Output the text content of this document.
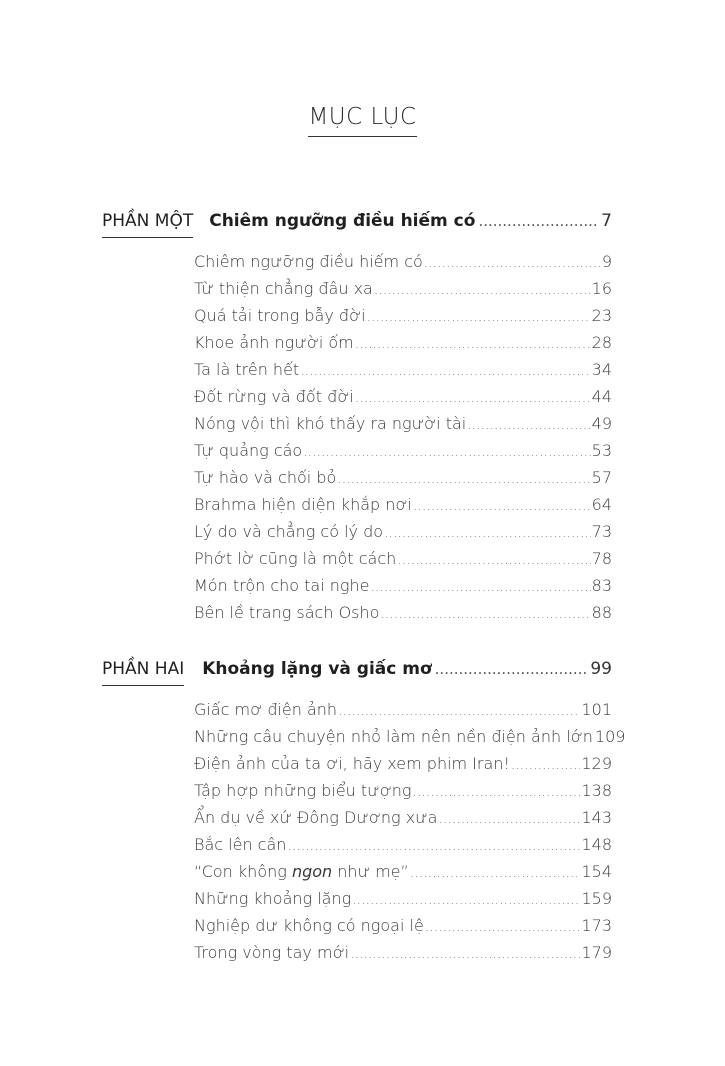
MỤC LỤC
PHẦN MỘT Chiêm ngưỡng điều hiếm có .....	7
Chiêm ngưỡng điều hiếm có .....	9
Từ thiện chẳng đâu xa .....	16
Quá tải trong bẫy đời .....	23
Khoe ảnh người ốm .....	28
Ta là trên hết .....	34
Đốt rừng và đốt đời .....	44
Nóng vội thì khó thấy ra người tài .....	49
Tự quảng cáo .....	53
Tự hào và chối bỏ .....	57
Brahma hiện diện khắp nơi .....	64
Lý do và chẳng có lý do .....	73
Phớt lờ cũng là một cách .....	78
Món trộn cho tai nghe .....	83
Bên lề trang sách Osho .....	88
PHẦN HAI Khoảng lặng và giấc mơ .....	99
Giấc mơ điện ảnh .....	101
Những câu chuyện nhỏ làm nên nền điện ảnh lớn 109
Điện ảnh của ta ơi, hãy xem phim Iran! .....	129
Tập hợp những biểu tượng .....	138
Ẩn dụ về xứ Đông Dương xưa .....	143
Bắc lên cân .....	148
“Con không ngon như mẹ” .....	154
Những khoảng lặng .....	159
Nghiệp dư không có ngoại lệ .....	173
Trong vòng tay mới .....	179
